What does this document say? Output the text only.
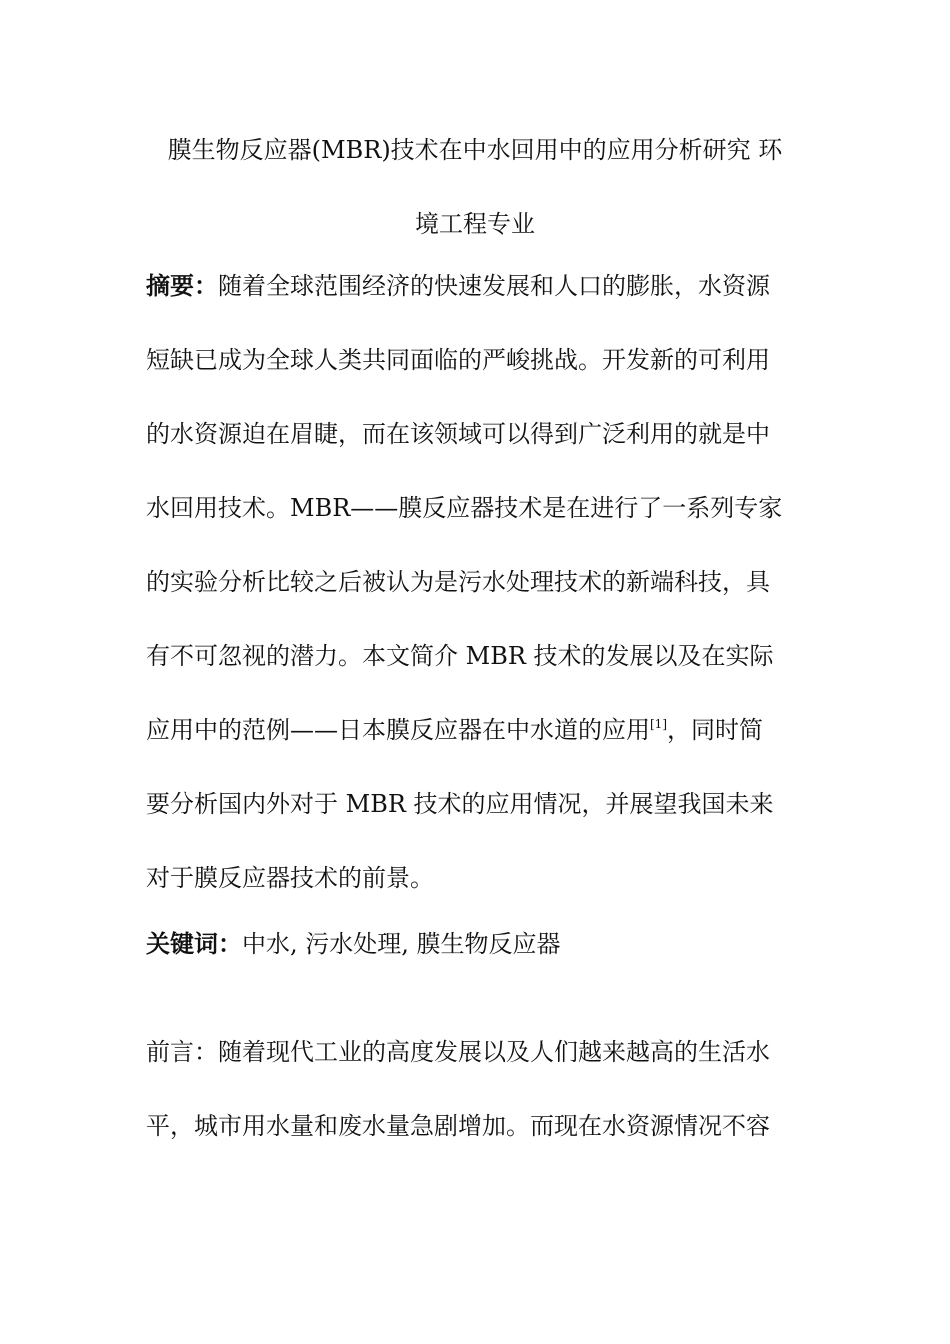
膜生物反应器(MBR)技术在中水回用中的应用分析研究 环
境工程专业
摘要：随着全球范围经济的快速发展和人口的膨胀，水资源
短缺已成为全球人类共同面临的严峻挑战。开发新的可利用
的水资源迫在眉睫，而在该领域可以得到广泛利用的就是中
水回用技术。MBR——膜反应器技术是在进行了一系列专家
的实验分析比较之后被认为是污水处理技术的新端科技，具
有不可忽视的潜力。本文简介 MBR 技术的发展以及在实际
应用中的范例——日本膜反应器在中水道的应用[1]，同时简
要分析国内外对于 MBR 技术的应用情况，并展望我国未来
对于膜反应器技术的前景。
关键词：中水, 污水处理, 膜生物反应器
前言：随着现代工业的高度发展以及人们越来越高的生活水
平，城市用水量和废水量急剧增加。而现在水资源情况不容
